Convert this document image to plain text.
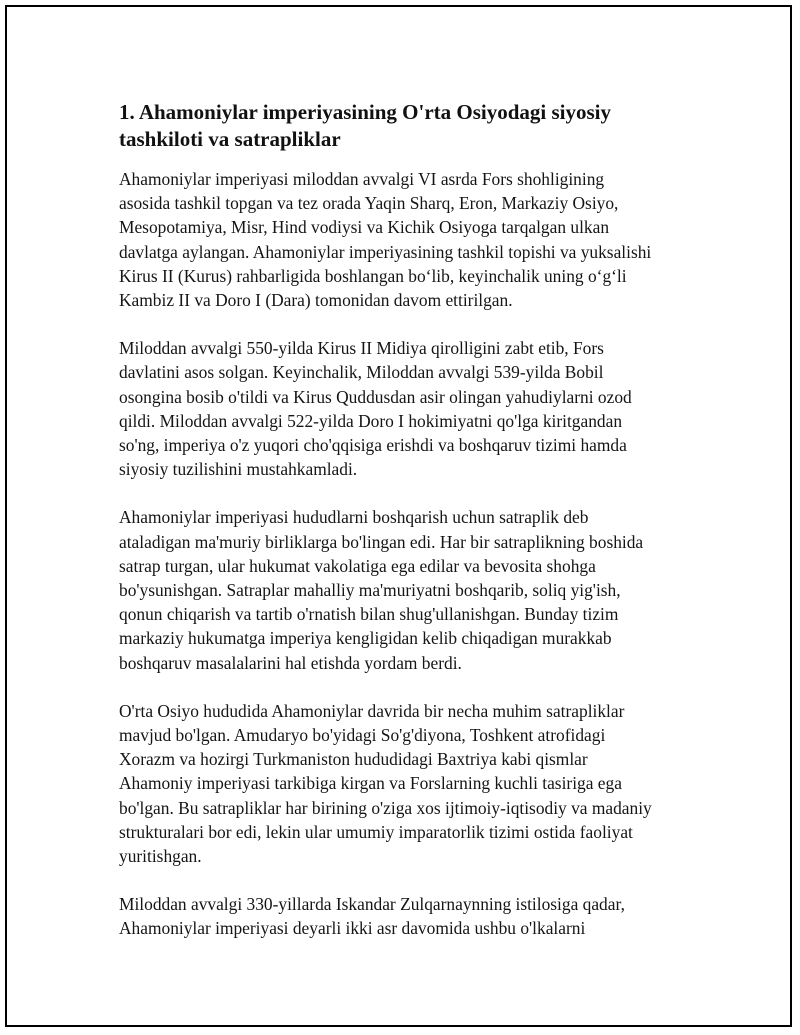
1. Ahamoniylar imperiyasining O'rta Osiyodagi siyosiy
tashkiloti va satrapliklar

Ahamoniylar imperiyasi miloddan avvalgi VI asrda Fors shohligining
asosida tashkil topgan va tez orada Yaqin Sharq, Eron, Markaziy Osiyo,
Mesopotamiya, Misr, Hind vodiysi va Kichik Osiyoga tarqalgan ulkan
davlatga aylangan. Ahamoniylar imperiyasining tashkil topishi va yuksalishi
Kirus II (Kurus) rahbarligida boshlangan bo‘lib, keyinchalik uning o‘g‘li
Kambiz II va Doro I (Dara) tomonidan davom ettirilgan.

Miloddan avvalgi 550-yilda Kirus II Midiya qirolligini zabt etib, Fors
davlatini asos solgan. Keyinchalik, Miloddan avvalgi 539-yilda Bobil
osongina bosib o'tildi va Kirus Quddusdan asir olingan yahudiylarni ozod
qildi. Miloddan avvalgi 522-yilda Doro I hokimiyatni qo'lga kiritgandan
so'ng, imperiya o'z yuqori cho'qqisiga erishdi va boshqaruv tizimi hamda
siyosiy tuzilishini mustahkamladi.

Ahamoniylar imperiyasi hududlarni boshqarish uchun satraplik deb
ataladigan ma'muriy birliklarga bo'lingan edi. Har bir satraplikning boshida
satrap turgan, ular hukumat vakolatiga ega edilar va bevosita shohga
bo'ysunishgan. Satraplar mahalliy ma'muriyatni boshqarib, soliq yig'ish,
qonun chiqarish va tartib o'rnatish bilan shug'ullanishgan. Bunday tizim
markaziy hukumatga imperiya kengligidan kelib chiqadigan murakkab
boshqaruv masalalarini hal etishda yordam berdi.

O'rta Osiyo hududida Ahamoniylar davrida bir necha muhim satrapliklar
mavjud bo'lgan. Amudaryo bo'yidagi So'g'diyona, Toshkent atrofidagi
Xorazm va hozirgi Turkmaniston hududidagi Baxtriya kabi qismlar
Ahamoniy imperiyasi tarkibiga kirgan va Forslarning kuchli tasiriga ega
bo'lgan. Bu satrapliklar har birining o'ziga xos ijtimoiy-iqtisodiy va madaniy
strukturalari bor edi, lekin ular umumiy imparatorlik tizimi ostida faoliyat
yuritishgan.

Miloddan avvalgi 330-yillarda Iskandar Zulqarnaynning istilosiga qadar,
Ahamoniylar imperiyasi deyarli ikki asr davomida ushbu o'lkalarni
